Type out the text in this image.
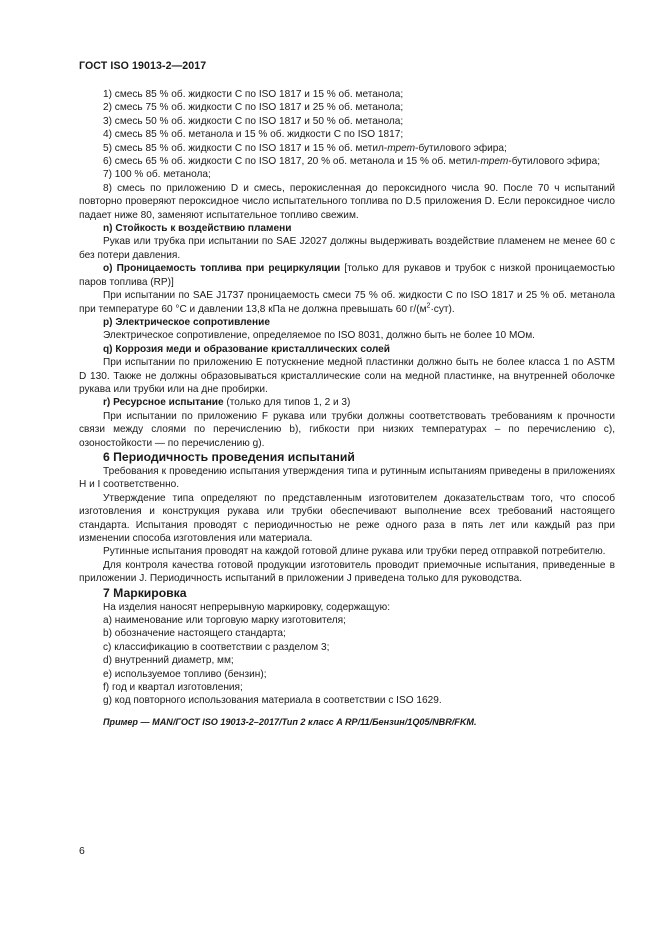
ГОСТ ISO 19013-2—2017

1) смесь 85 % об. жидкости С по ISO 1817 и 15 % об. метанола;

2) смесь 75 % об. жидкости С по ISO 1817 и 25 % об. метанола;

3) смесь 50 % об. жидкости С по ISO 1817 и 50 % об. метанола;

4) смесь 85 % об. метанола и 15 % об. жидкости С по ISO 1817;

5) смесь 85 % об. жидкости С по ISO 1817 и 15 % об. метил-трет-бутилового эфира;

6) смесь 65 % об. жидкости С по ISO 1817, 20 % об. метанола и 15 % об. метил-трет-бутилового эфира;

7) 100 % об. метанола;

8) смесь по приложению D и смесь, перокисленная до пероксидного числа 90. После 70 ч испытаний повторно проверяют пероксидное число испытательного топлива по D.5 приложения D. Если пероксидное число падает ниже 80, заменяют испытательное топливо свежим.

n) Стойкость к воздействию пламени

Рукав или трубка при испытании по SAE J2027 должны выдерживать воздействие пламенем не менее 60 с без потери давления.

o) Проницаемость топлива при рециркуляции [только для рукавов и трубок с низкой проницаемостью паров топлива (RP)]

При испытании по SAE J1737 проницаемость смеси 75 % об. жидкости С по ISO 1817 и 25 % об. метанола при температуре 60 °С и давлении 13,8 кПа не должна превышать 60 $г/(м^2\cdot сут)$.

p) Электрическое сопротивление

Электрическое сопротивление, определяемое по ISO 8031, должно быть не более 10 МОм.

q) Коррозия меди и образование кристаллических солей

При испытании по приложению Е потускнение медной пластинки должно быть не более класса 1 по ASTM D 130. Также не должны образовываться кристаллические соли на медной пластинке, на внутренней оболочке рукава или трубки или на дне пробирки.

r) Ресурсное испытание (только для типов 1, 2 и 3)

При испытании по приложению F рукава или трубки должны соответствовать требованиям к прочности связи между слоями по перечислению b), гибкости при низких температурах – по перечислению с), озоностойкости — по перечислению g).

6 Периодичность проведения испытаний

Требования к проведению испытания утверждения типа и рутинным испытаниям приведены в приложениях Н и I соответственно.

Утверждение типа определяют по представленным изготовителем доказательствам того, что способ изготовления и конструкция рукава или трубки обеспечивают выполнение всех требований настоящего стандарта. Испытания проводят с периодичностью не реже одного раза в пять лет или каждый раз при изменении способа изготовления или материала.

Рутинные испытания проводят на каждой готовой длине рукава или трубки перед отправкой потребителю.

Для контроля качества готовой продукции изготовитель проводит приемочные испытания, приведенные в приложении J. Периодичность испытаний в приложении J приведена только для руководства.

7 Маркировка

На изделия наносят непрерывную маркировку, содержащую:

a) наименование или торговую марку изготовителя;

b) обозначение настоящего стандарта;

c) классификацию в соответствии с разделом 3;

d) внутренний диаметр, мм;

e) используемое топливо (бензин);

f) год и квартал изготовления;

g) код повторного использования материала в соответствии с ISO 1629.

Пример — MAN/ГОСТ ISO 19013-2–2017/Тип 2 класс A RP/11/Бензин/1Q05/NBR/FKM.

6
